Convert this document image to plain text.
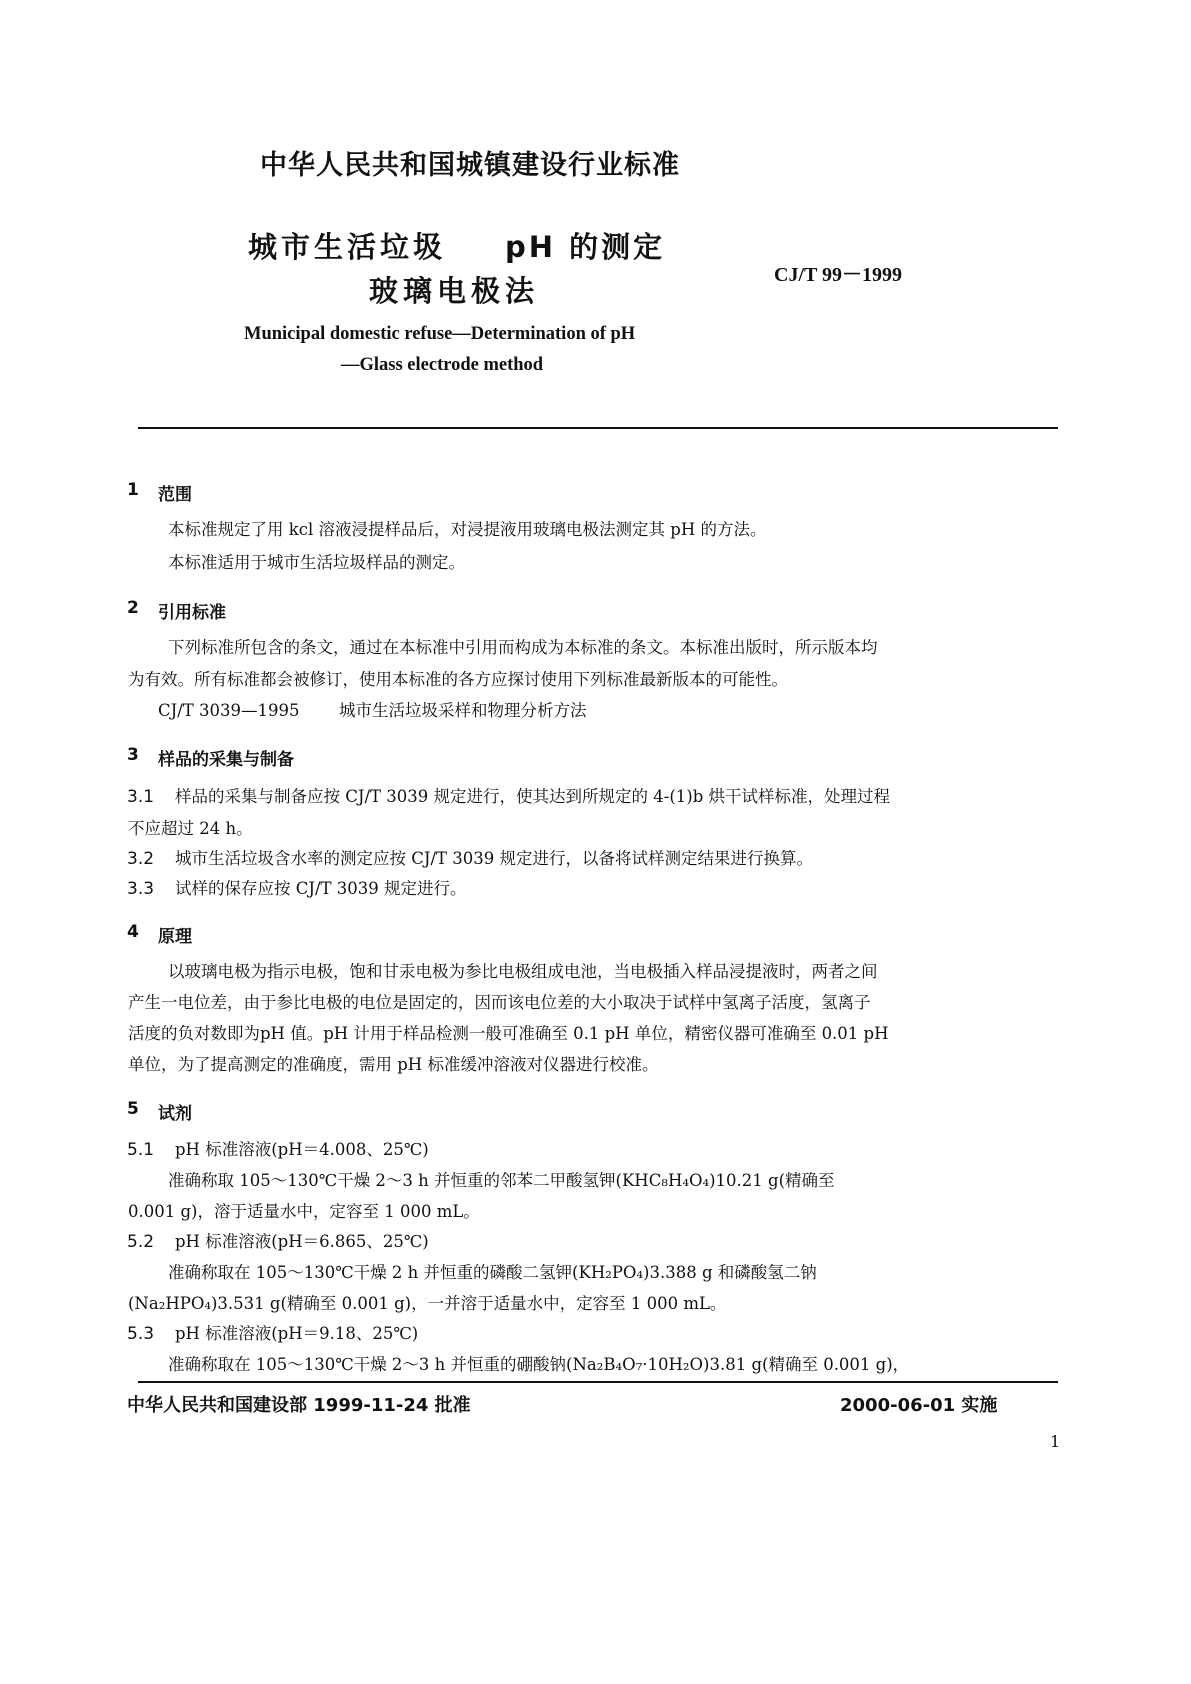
中华人民共和国城镇建设行业标准
城市生活垃圾 pH 的测定
玻璃电极法	CJ/T 99－1999
Municipal domestic refuse—Determination of pH
—Glass electrode method
1 范围
本标准规定了用 kcl 溶液浸提样品后，对浸提液用玻璃电极法测定其 pH 的方法。
本标准适用于城市生活垃圾样品的测定。
2 引用标准
下列标准所包含的条文，通过在本标准中引用而构成为本标准的条文。本标准出版时，所示版本均
为有效。所有标准都会被修订，使用本标准的各方应探讨使用下列标准最新版本的可能性。
CJ/T 3039—1995 城市生活垃圾采样和物理分析方法
3 样品的采集与制备
3.1 样品的采集与制备应按 CJ/T 3039 规定进行，使其达到所规定的 4-(1)b 烘干试样标准，处理过程
不应超过 24 h。
3.2 城市生活垃圾含水率的测定应按 CJ/T 3039 规定进行，以备将试样测定结果进行换算。
3.3 试样的保存应按 CJ/T 3039 规定进行。
4 原理
以玻璃电极为指示电极，饱和甘汞电极为参比电极组成电池，当电极插入样品浸提液时，两者之间
产生一电位差，由于参比电极的电位是固定的，因而该电位差的大小取决于试样中氢离子活度，氢离子
活度的负对数即为pH 值。pH 计用于样品检测一般可准确至 0.1 pH 单位，精密仪器可准确至 0.01 pH
单位，为了提高测定的准确度，需用 pH 标准缓冲溶液对仪器进行校准。
5 试剂
5.1 pH 标准溶液(pH＝4.008、25℃)
准确称取 105～130℃干燥 2～3 h 并恒重的邻苯二甲酸氢钾(KHC₈H₄O₄)10.21 g(精确至
0.001 g)，溶于适量水中，定容至 1 000 mL。
5.2 pH 标准溶液(pH＝6.865、25℃)
准确称取在 105～130℃干燥 2 h 并恒重的磷酸二氢钾(KH₂PO₄)3.388 g 和磷酸氢二钠
(Na₂HPO₄)3.531 g(精确至 0.001 g)，一并溶于适量水中，定容至 1 000 mL。
5.3 pH 标准溶液(pH＝9.18、25℃)
准确称取在 105～130℃干燥 2～3 h 并恒重的硼酸钠(Na₂B₄O₇·10H₂O)3.81 g(精确至 0.001 g)，
中华人民共和国建设部 1999-11-24 批准	2000-06-01 实施
1
